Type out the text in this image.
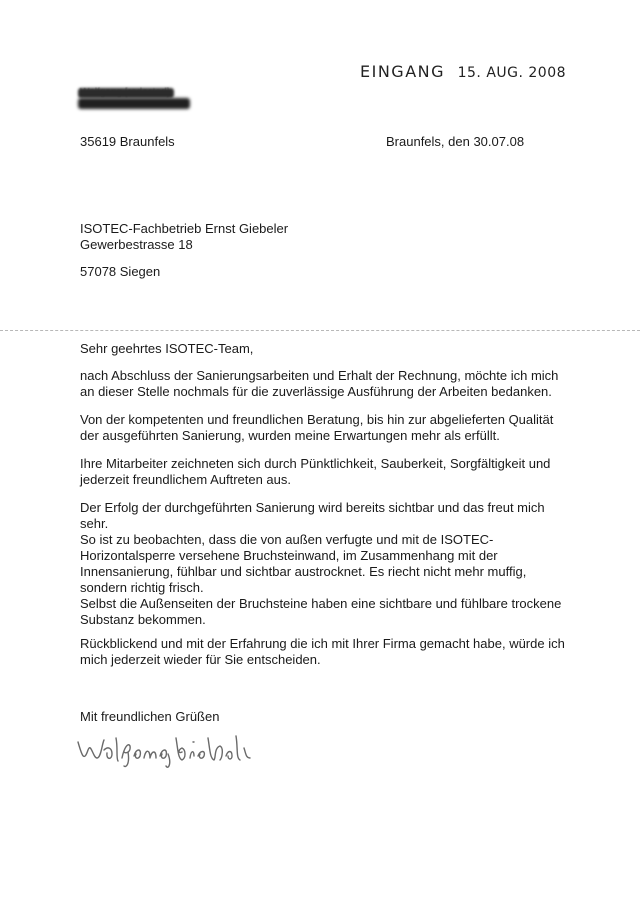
EINGANG 15. AUG. 2008
35619 Braunfels	Braunfels, den 30.07.08
ISOTEC-Fachbetrieb Ernst Giebeler
Gewerbestrasse 18
57078 Siegen
Sehr geehrtes ISOTEC-Team,

nach Abschluss der Sanierungsarbeiten und Erhalt der Rechnung, möchte ich mich

an dieser Stelle nochmals für die zuverlässige Ausführung der Arbeiten bedanken.

Von der kompetenten und freundlichen Beratung, bis hin zur abgelieferten Qualität

der ausgeführten Sanierung, wurden meine Erwartungen mehr als erfüllt.

Ihre Mitarbeiter zeichneten sich durch Pünktlichkeit, Sauberkeit, Sorgfältigkeit und

jederzeit freundlichem Auftreten aus.

Der Erfolg der durchgeführten Sanierung wird bereits sichtbar und das freut mich

sehr.

So ist zu beobachten, dass die von außen verfugte und mit de ISOTEC-

Horizontalsperre versehene Bruchsteinwand, im Zusammenhang mit der

Innensanierung, fühlbar und sichtbar austrocknet. Es riecht nicht mehr muffig,

sondern richtig frisch.

Selbst die Außenseiten der Bruchsteine haben eine sichtbare und fühlbare trockene

Substanz bekommen.

Rückblickend und mit der Erfahrung die ich mit Ihrer Firma gemacht habe, würde ich

mich jederzeit wieder für Sie entscheiden.

Mit freundlichen Grüßen
